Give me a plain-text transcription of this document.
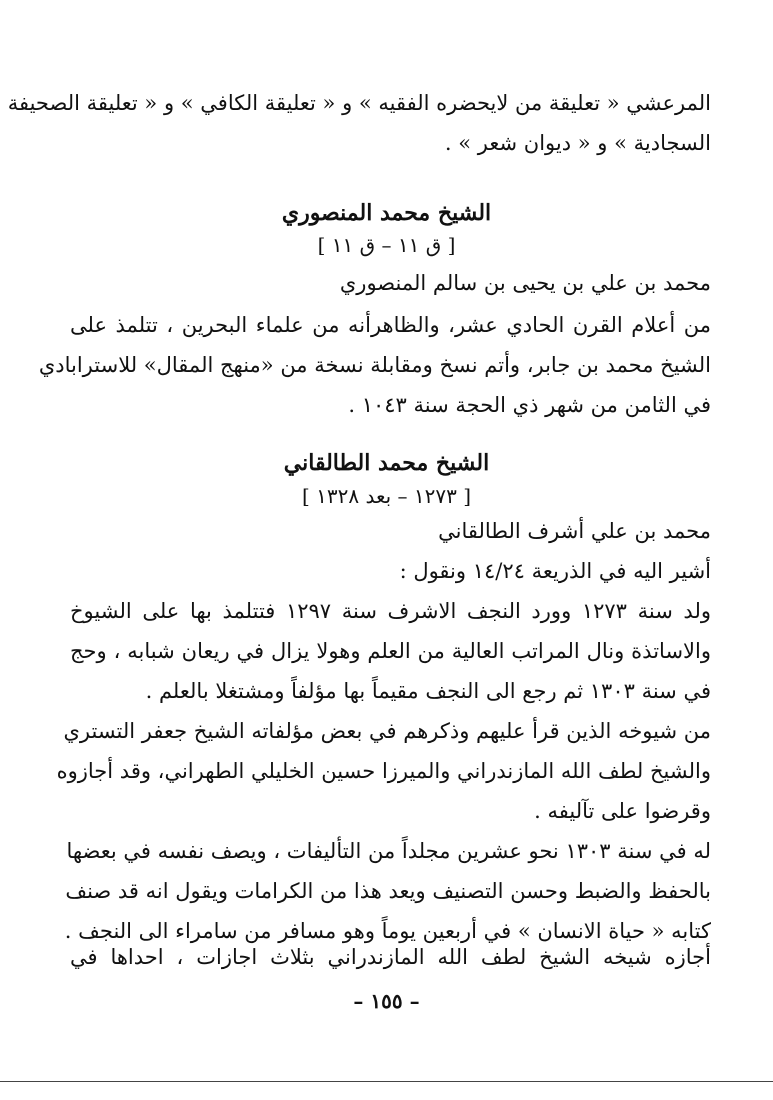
المرعشي « تعليقة من لايحضره الفقيه » و « تعليقة الكافي » و « تعليقة الصحيفة
السجادية » و « ديوان شعر » .
الشيخ محمد المنصوري
[ ق ١١ – ق ١١ ]
محمد بن علي بن يحيى بن سالم المنصوري
من أعلام القرن الحادي عشر، والظاهرأنه من علماء البحرين ، تتلمذ على
الشيخ محمد بن جابر، وأتم نسخ ومقابلة نسخة من «منهج المقال» للاسترابادي
في الثامن من شهر ذي الحجة سنة ١٠٤٣ .
الشيخ محمد الطالقاني
[ ١٢٧٣ – بعد ١٣٢٨ ]
محمد بن علي أشرف الطالقاني
أشير اليه في الذريعة ١٤/٢٤ ونقول :
ولد سنة ١٢٧٣ وورد النجف الاشرف سنة ١٢٩٧ فتتلمذ بها على الشيوخ
والاساتذة ونال المراتب العالية من العلم وهولا يزال في ريعان شبابه ، وحج
في سنة ١٣٠٣ ثم رجع الى النجف مقيماً بها مؤلفاً ومشتغلا بالعلم .
من شيوخه الذين قرأ عليهم وذكرهم في بعض مؤلفاته الشيخ جعفر التستري
والشيخ لطف الله المازندراني والميرزا حسين الخليلي الطهراني، وقد أجازوه
وقرضوا على تآليفه .
له في سنة ١٣٠٣ نحو عشرين مجلداً من التأليفات ، ويصف نفسه في بعضها
بالحفظ والضبط وحسن التصنيف ويعد هذا من الكرامات ويقول انه قد صنف
كتابه « حياة الانسان » في أربعين يوماً وهو مسافر من سامراء الى النجف .
أجازه شيخه الشيخ لطف الله المازندراني بثلاث اجازات ، احداها في
– ١٥٥ –
